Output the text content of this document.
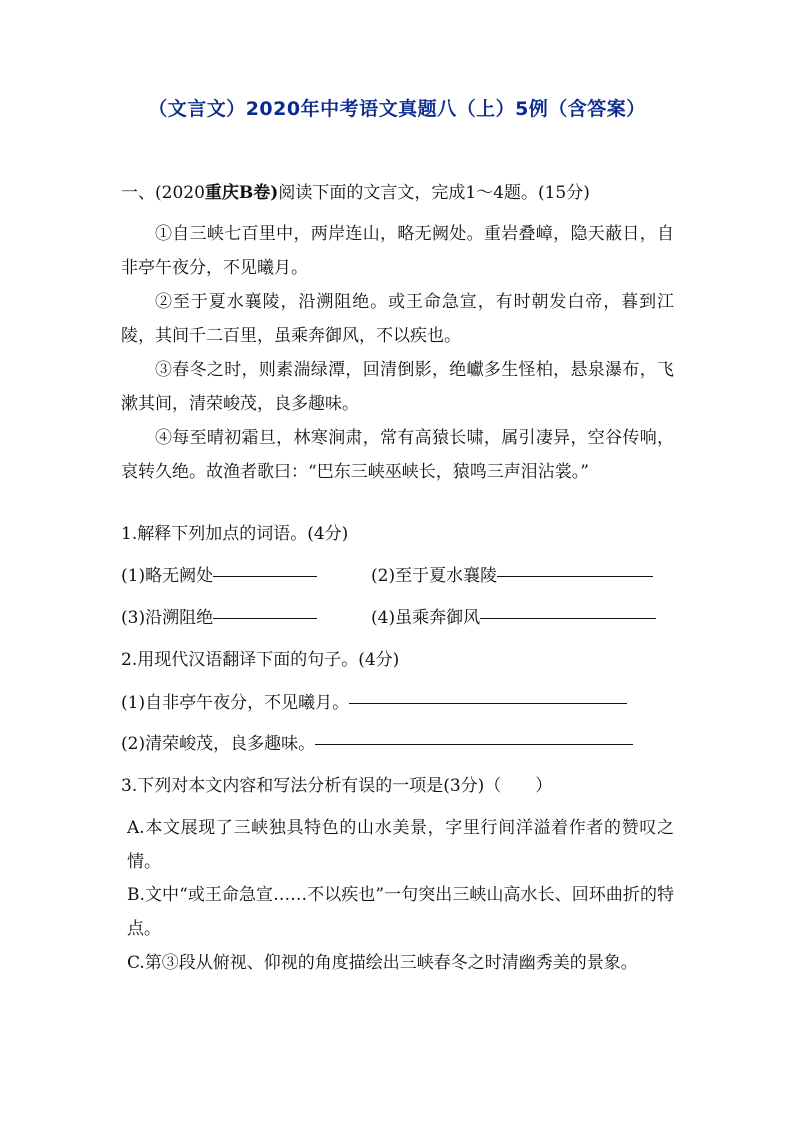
（文言文）2020年中考语文真题八（上）5例（含答案）
一、(2020重庆B卷)阅读下面的文言文，完成1～4题。(15分)
①自三峡七百里中，两岸连山，略无阙处。重岩叠嶂，隐天蔽日，自非亭午夜分，不见曦月。
②至于夏水襄陵，沿溯阻绝。或王命急宣，有时朝发白帝，暮到江陵，其间千二百里，虽乘奔御风，不以疾也。
③春冬之时，则素湍绿潭，回清倒影，绝巘多生怪柏，悬泉瀑布，飞漱其间，清荣峻茂，良多趣味。
④每至晴初霜旦，林寒涧肃，常有高猿长啸，属引凄异，空谷传响，哀转久绝。故渔者歌曰：“巴东三峡巫峡长，猿鸣三声泪沾裳。”
1.解释下列加点的词语。(4分)
(1)略无阙处	(2)至于夏水襄陵
(3)沿溯阻绝	(4)虽乘奔御风
2.用现代汉语翻译下面的句子。(4分)
(1)自非亭午夜分，不见曦月。
(2)清荣峻茂，良多趣味。
3.下列对本文内容和写法分析有误的一项是(3分)（　　）
A.本文展现了三峡独具特色的山水美景，字里行间洋溢着作者的赞叹之情。
B.文中“或王命急宣……不以疾也”一句突出三峡山高水长、回环曲折的特点。
C.第③段从俯视、仰视的角度描绘出三峡春冬之时清幽秀美的景象。
